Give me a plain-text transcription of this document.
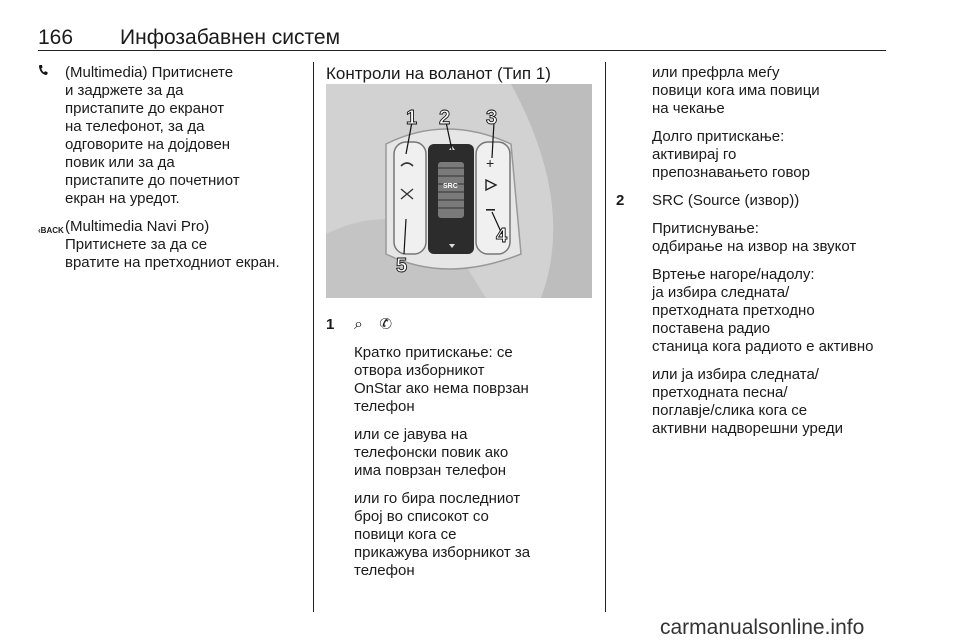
166 Инфозабавнен систем

(Multimedia) Притиснете

и задржете за да

пристапите до екранот

на телефонот, за да

одговорите на дојдовен

повик или за да

пристапите до почетниот

екран на уредот.

‹BACK (Multimedia Navi Pro)

Притиснете за да се

вратите на претходниот екран.

Контроли на воланот (Тип 1)

SRC
+
1 2 3
4
5
1 ⌕ ✆

Кратко притискање: се

отвора изборникот

OnStar ако нема поврзан

телефон

или се јавува на

телефонски повик ако

има поврзан телефон

или го бира последниот

број во списокот со

повици кога се

прикажува изборникот за

телефон

или префрла меѓу

повици кога има повици

на чекање

Долго притискање:

активирај го

препознавањето говор

2 SRC (Source (извор))

Притиснување:

одбирање на извор на звукот

Вртење нагоре/надолу:

ја избира следната/

претходната претходно

поставена радио

станица кога радиото е активно

или ја избира следната/

претходната песна/

поглавје/слика кога се

активни надворешни уреди

carmanualsonline.info
